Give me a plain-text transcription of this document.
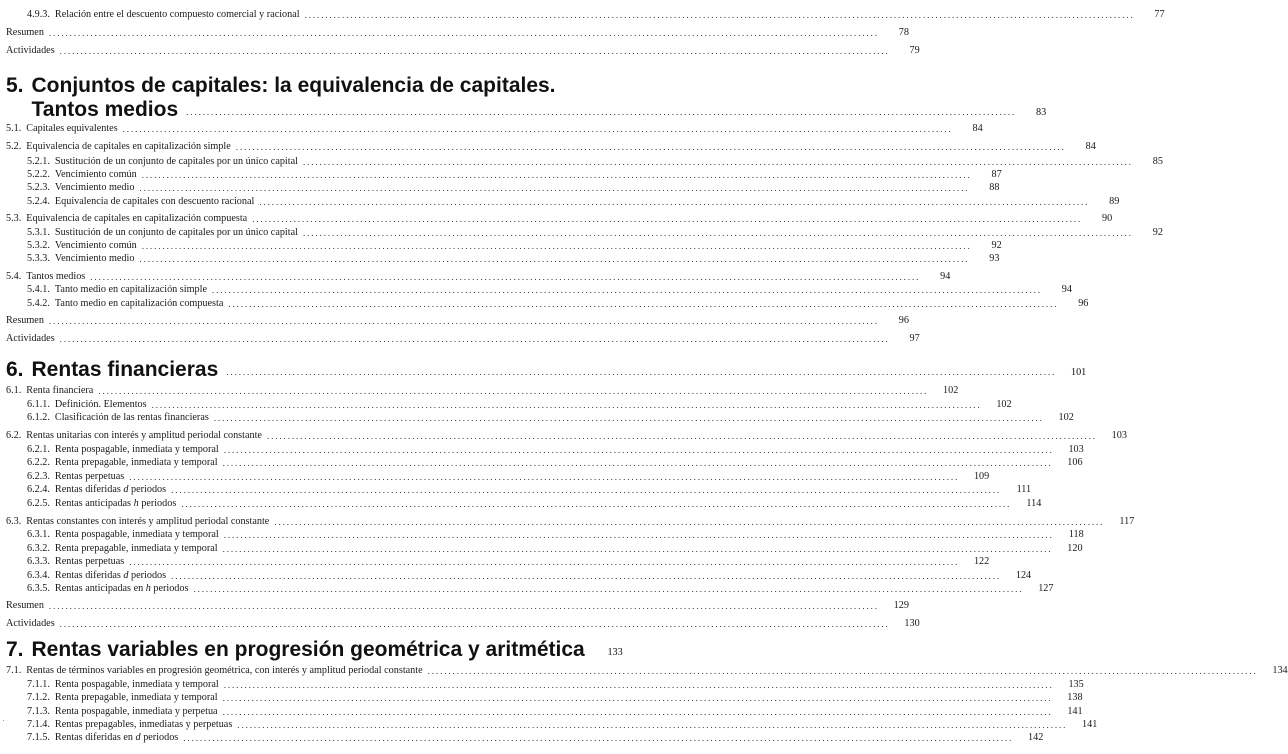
4.9.3. Relación entre el descuento compuesto comercial y racional ........................................................................................................................................................................................................	77
Resumen ........................................................................................................................................................................................................	78
Actividades ........................................................................................................................................................................................................	79
5. Conjuntos de capitales: la equivalencia de capitales.
Tantos medios ........................................................................................................................................................................................................	83
5.1. Capitales equivalentes ........................................................................................................................................................................................................	84
5.2. Equivalencia de capitales en capitalización simple ........................................................................................................................................................................................................	84
5.2.1. Sustitución de un conjunto de capitales por un único capital ........................................................................................................................................................................................................	85
5.2.2. Vencimiento común ........................................................................................................................................................................................................	87
5.2.3. Vencimiento medio ........................................................................................................................................................................................................	88
5.2.4. Equivalencia de capitales con descuento racional ........................................................................................................................................................................................................	89
5.3. Equivalencia de capitales en capitalización compuesta ........................................................................................................................................................................................................	90
5.3.1. Sustitución de un conjunto de capitales por un único capital ........................................................................................................................................................................................................	92
5.3.2. Vencimiento común ........................................................................................................................................................................................................	92
5.3.3. Vencimiento medio ........................................................................................................................................................................................................	93
5.4. Tantos medios ........................................................................................................................................................................................................	94
5.4.1. Tanto medio en capitalización simple ........................................................................................................................................................................................................	94
5.4.2. Tanto medio en capitalización compuesta ........................................................................................................................................................................................................	96
Resumen ........................................................................................................................................................................................................	96
Actividades ........................................................................................................................................................................................................	97
6. Rentas financieras ........................................................................................................................................................................................................	101
6.1. Renta financiera ........................................................................................................................................................................................................	102
6.1.1. Definición. Elementos ........................................................................................................................................................................................................	102
6.1.2. Clasificación de las rentas financieras ........................................................................................................................................................................................................	102
6.2. Rentas unitarias con interés y amplitud periodal constante ........................................................................................................................................................................................................	103
6.2.1. Renta pospagable, inmediata y temporal ........................................................................................................................................................................................................	103
6.2.2. Renta prepagable, inmediata y temporal ........................................................................................................................................................................................................	106
6.2.3. Rentas perpetuas ........................................................................................................................................................................................................	109
6.2.4. Rentas diferidas d periodos ........................................................................................................................................................................................................	111
6.2.5. Rentas anticipadas h periodos ........................................................................................................................................................................................................	114
6.3. Rentas constantes con interés y amplitud periodal constante ........................................................................................................................................................................................................	117
6.3.1. Renta pospagable, inmediata y temporal ........................................................................................................................................................................................................	118
6.3.2. Renta prepagable, inmediata y temporal ........................................................................................................................................................................................................	120
6.3.3. Rentas perpetuas ........................................................................................................................................................................................................	122
6.3.4. Rentas diferidas d periodos ........................................................................................................................................................................................................	124
6.3.5. Rentas anticipadas en h periodos ........................................................................................................................................................................................................	127
Resumen ........................................................................................................................................................................................................	129
Actividades ........................................................................................................................................................................................................	130
7. Rentas variables en progresión geométrica y aritmética	133
7.1. Rentas de términos variables en progresión geométrica, con interés y amplitud periodal constante ........................................................................................................................................................................................................	134
7.1.1. Renta pospagable, inmediata y temporal ........................................................................................................................................................................................................	135
7.1.2. Renta prepagable, inmediata y temporal ........................................................................................................................................................................................................	138
7.1.3. Renta pospagable, inmediata y perpetua ........................................................................................................................................................................................................	141
7.1.4. Rentas prepagables, inmediatas y perpetuas ........................................................................................................................................................................................................	141
7.1.5. Rentas diferidas en d periodos ........................................................................................................................................................................................................	142
